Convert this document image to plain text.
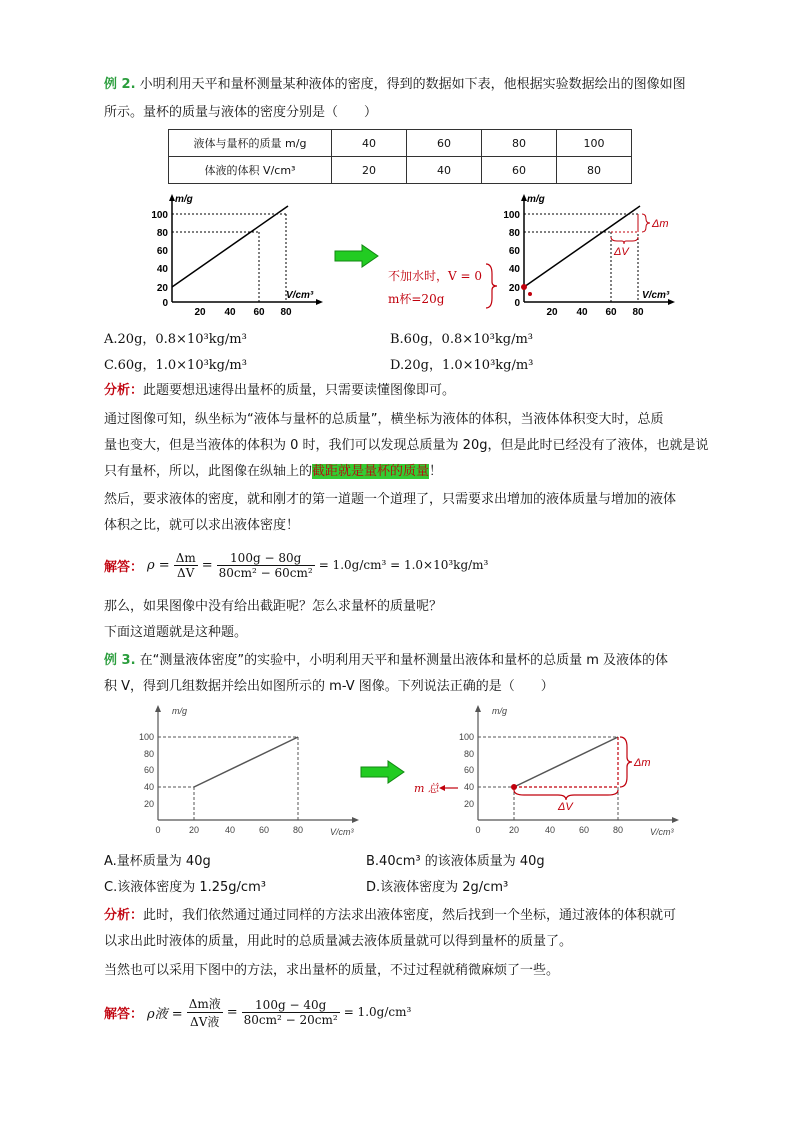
例 2. 小明利用天平和量杯测量某种液体的密度，得到的数据如下表，他根据实验数据绘出的图像如图
所示。量杯的质量与液体的密度分别是（　　）
液体与量杯的质量 m/g	40	60	80	100
体液的体积 V/cm³	20	40	60	80
m/g
V/cm³
100
80
60
40
20
0
20 40 60 80
不加水时，V = 0
m杯=20g
Δm
ΔV
m/g
V/cm³
100
80
60
40
20
0
20 40 60 80
A.20g，0.8×10³kg/m³	B.60g，0.8×10³kg/m³
C.60g，1.0×10³kg/m³	D.20g，1.0×10³kg/m³
分析：此题要想迅速得出量杯的质量，只需要读懂图像即可。
通过图像可知，纵坐标为“液体与量杯的总质量”，横坐标为液体的体积，当液体体积变大时，总质
量也变大，但是当液体的体积为 0 时，我们可以发现总质量为 20g，但是此时已经没有了液体，也就是说
只有量杯，所以，此图像在纵轴上的截距就是量杯的质量！
然后，要求液体的密度，就和刚才的第一道题一个道理了，只需要求出增加的液体质量与增加的液体
体积之比，就可以求出液体密度！
解答： $\rho = \frac{\Delta m}{\Delta V} = \frac{100g - 80g}{\text{80cm² − 60cm²}} = 1.0g/cm^3 = 1.0\times 10^3kg/m^3$
那么，如果图像中没有给出截距呢？怎么求量杯的质量呢？
下面这道题就是这种题。
例 3. 在“测量液体密度”的实验中，小明利用天平和量杯测量出液体和量杯的总质量 m 及液体的体
积 V，得到几组数据并绘出如图所示的 m-V 图像。下列说法正确的是（　　）
m/g
V/cm³
100
80
60
40
20
0	20	40	60	80
m 总
Δm
ΔV
m/g
V/cm³
100
80
60
40
20
0	20	40	60	80
A.量杯质量为 40g	B.40cm³ 的该液体质量为 40g
C.该液体密度为 1.25g/cm³	D.该液体密度为 2g/cm³
分析：此时，我们依然通过通过同样的方法求出液体密度，然后找到一个坐标，通过液体的体积就可
以求出此时液体的质量，用此时的总质量减去液体质量就可以得到量杯的质量了。
当然也可以采用下图中的方法，求出量杯的质量，不过过程就稍微麻烦了一些。
解答： ρ液 = $\frac{\text{Δm液}}{\text{ΔV液}} = \frac{100g - 40g}{\text{80cm² − 20cm²}} = 1.0g/cm^3$
